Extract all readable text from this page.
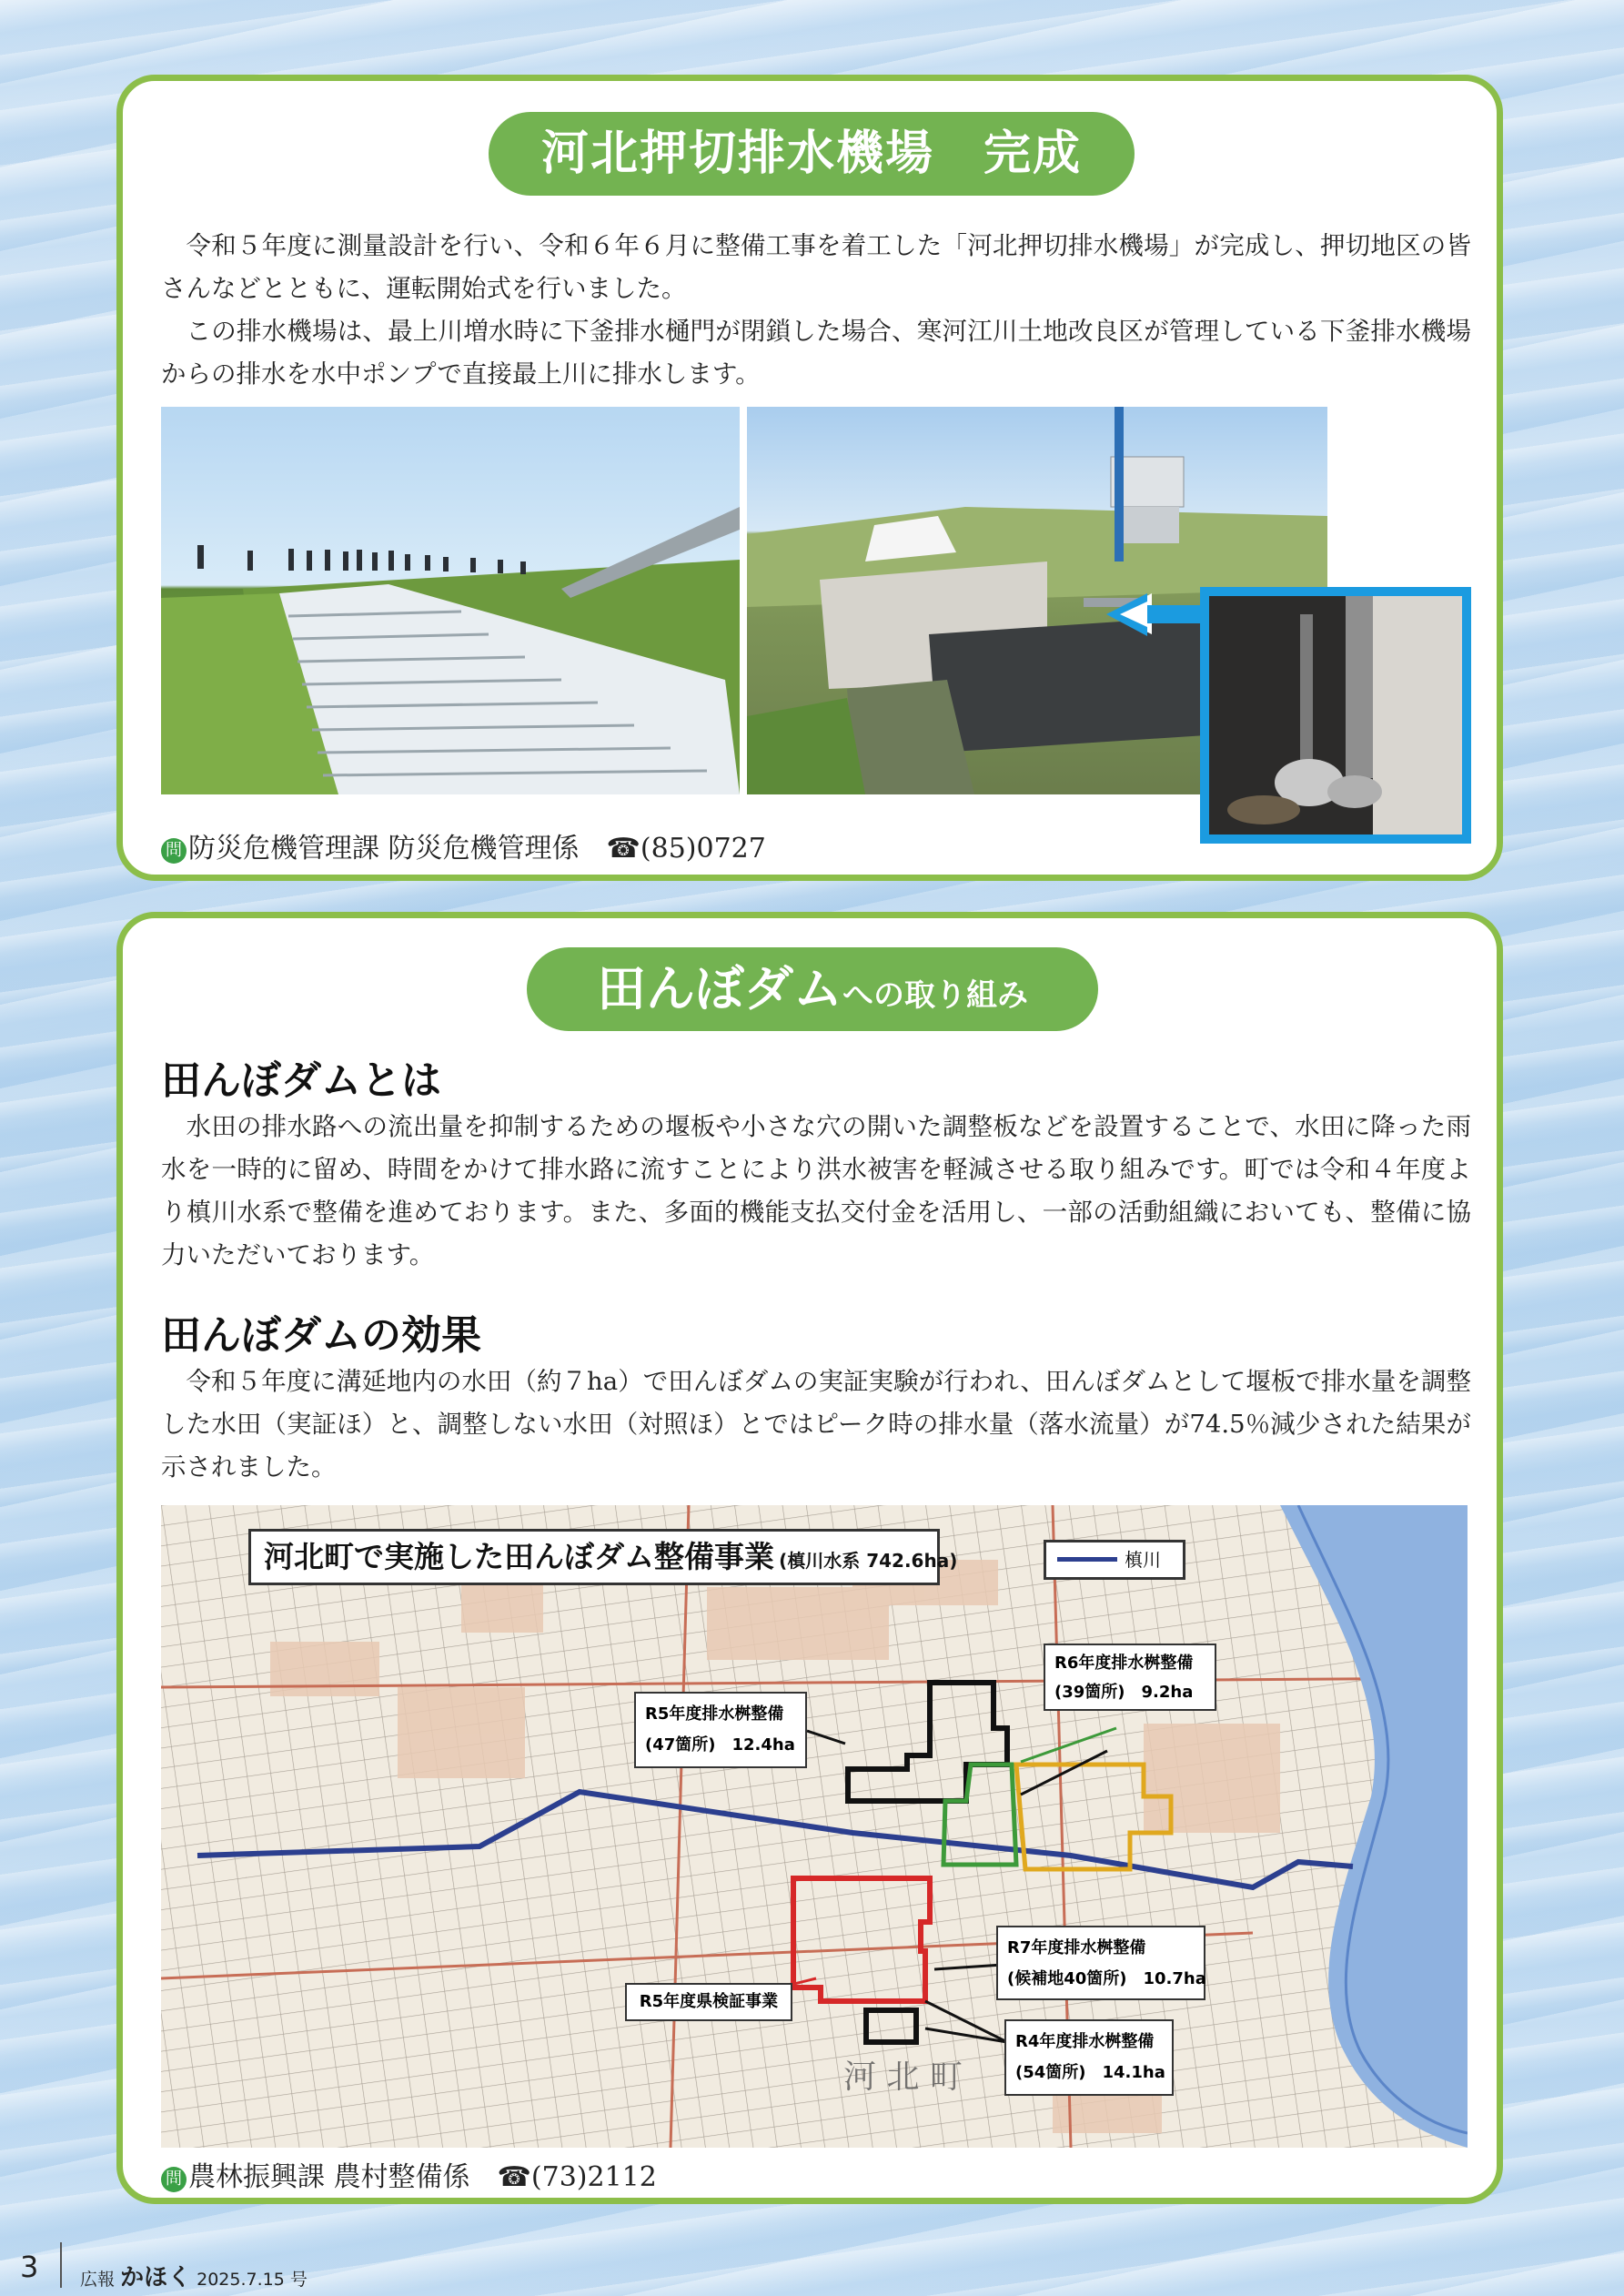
河北押切排水機場　完成

令和５年度に測量設計を行い、令和６年６月に整備工事を着工した「河北押切排水機場」が完成し、押切地区の皆さんなどとともに、運転開始式を行いました。

この排水機場は、最上川増水時に下釜排水樋門が閉鎖した場合、寒河江川土地改良区が管理している下釜排水機場からの排水を水中ポンプで直接最上川に排水します。

問 防災危機管理課 防災危機管理係 ☎(85)0727
田んぼダムへの取り組み
田んぼダムとは

水田の排水路への流出量を抑制するための堰板や小さな穴の開いた調整板などを設置することで、水田に降った雨水を一時的に留め、時間をかけて排水路に流すことにより洪水被害を軽減させる取り組みです。町では令和４年度より槙川水系で整備を進めております。また、多面的機能支払交付金を活用し、一部の活動組織においても、整備に協力いただいております。

田んぼダムの効果

令和５年度に溝延地内の水田（約７ha）で田んぼダムの実証実験が行われ、田んぼダムとして堰板で排水量を調整した水田（実証ほ）と、調整しない水田（対照ほ）とではピーク時の排水量（落水流量）が74.5％減少された結果が示されました。

河北町で実施した田んぼダム整備事業 (槙川水系 742.6ha)	槙川
R6年度排水桝整備
(39箇所)　9.2ha
R5年度排水桝整備
(47箇所)　12.4ha
R7年度排水桝整備
(候補地40箇所)　10.7ha
R4年度排水桝整備
(54箇所)　14.1ha
R5年度県検証事業
河 北 町
問 農林振興課 農村整備係 ☎(73)2112
3 広報 かほく 2025.7.15 号
